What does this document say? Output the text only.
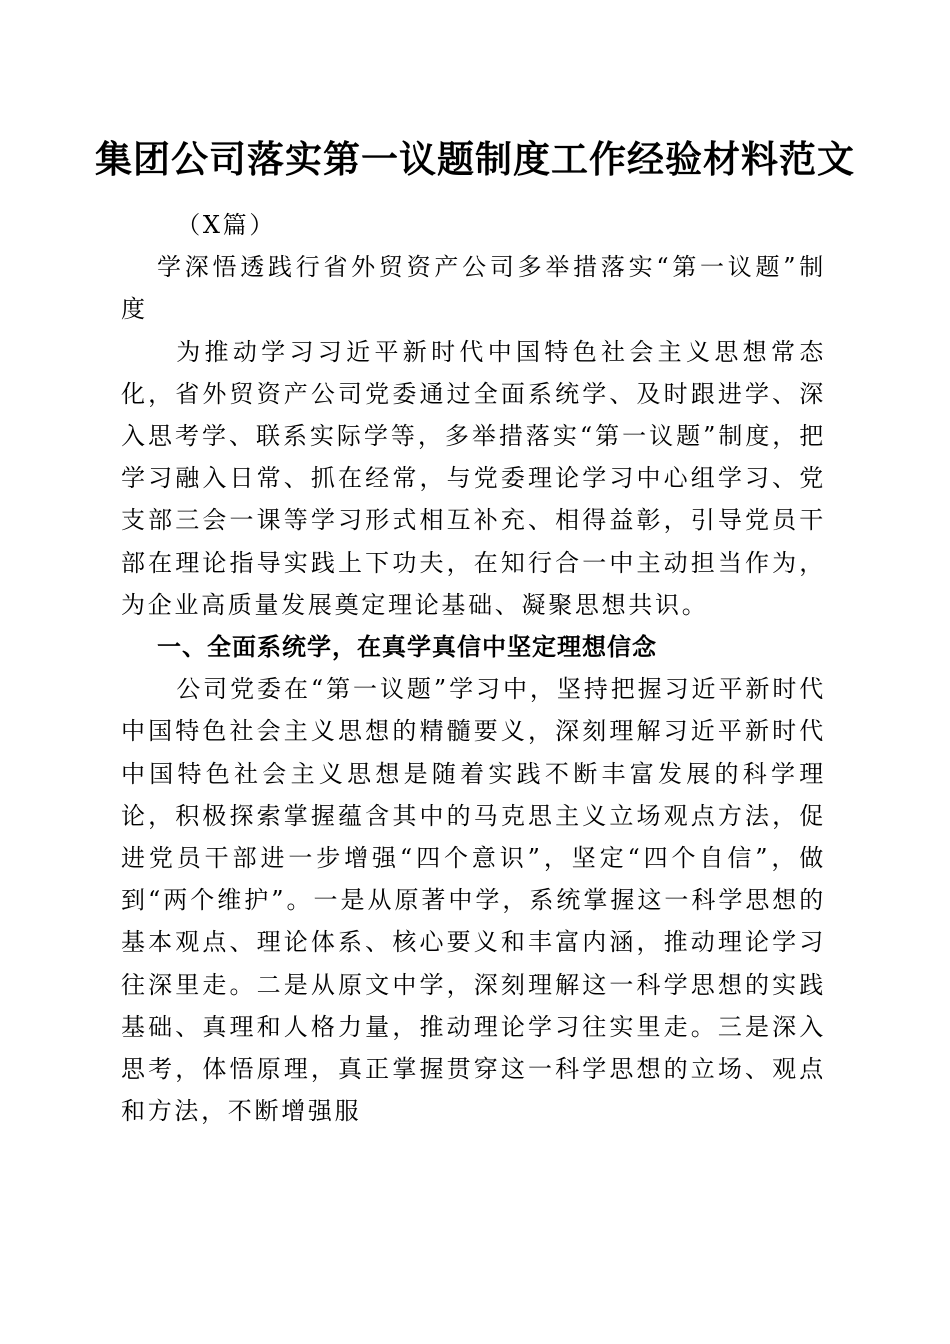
集团公司落实第一议题制度工作经验材料范文

（X篇）

学深悟透践行省外贸资产公司多举措落实“第一议题”制度

为推动学习习近平新时代中国特色社会主义思想常态化，省外贸资产公司党委通过全面系统学、及时跟进学、深入思考学、联系实际学等，多举措落实“第一议题”制度，把学习融入日常、抓在经常，与党委理论学习中心组学习、党支部三会一课等学习形式相互补充、相得益彰，引导党员干部在理论指导实践上下功夫，在知行合一中主动担当作为，为企业高质量发展奠定理论基础、凝聚思想共识。

一、全面系统学，在真学真信中坚定理想信念

公司党委在“第一议题”学习中，坚持把握习近平新时代中国特色社会主义思想的精髓要义，深刻理解习近平新时代中国特色社会主义思想是随着实践不断丰富发展的科学理论，积极探索掌握蕴含其中的马克思主义立场观点方法，促进党员干部进一步增强“四个意识”，坚定“四个自信”，做到“两个维护”。一是从原著中学，系统掌握这一科学思想的基本观点、理论体系、核心要义和丰富内涵，推动理论学习往深里走。二是从原文中学，深刻理解这一科学思想的实践基础、真理和人格力量，推动理论学习往实里走。三是深入思考，体悟原理，真正掌握贯穿这一科学思想的立场、观点和方法，不断增强服
